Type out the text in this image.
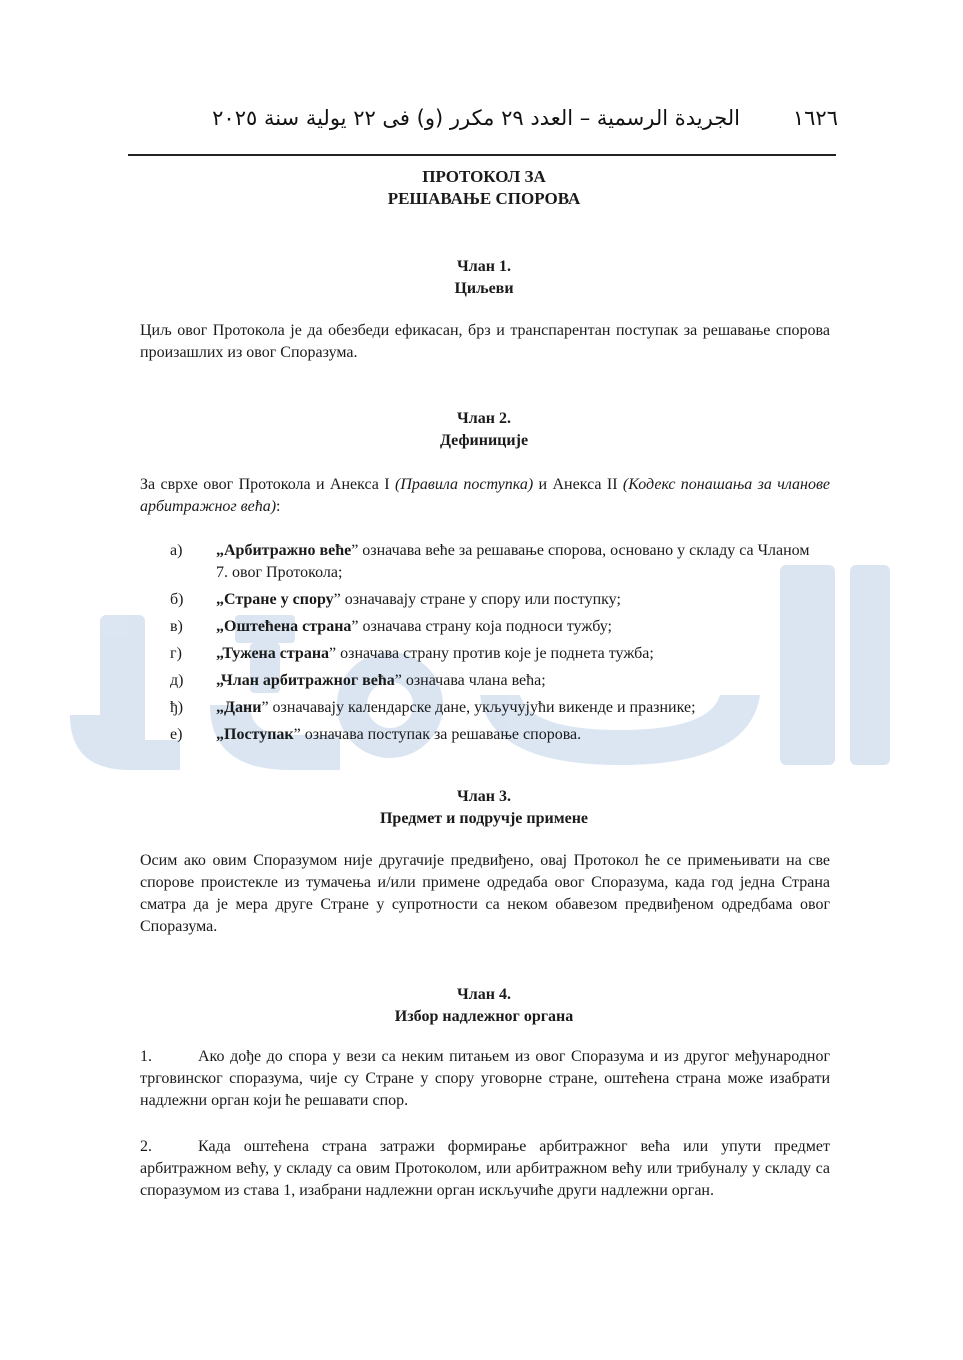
١٦٢٦
الجريدة الرسمية – العدد ٢٩ مكرر (و) فى ٢٢ يولية سنة ٢٠٢٥
ПРОТОКОЛ ЗА
РЕШАВАЊЕ СПОРОВА
Члан 1.
Циљеви
Циљ овог Протокола је да обезбеди ефикасан, брз и транспарентан поступак за решавање спорова произашлих из овог Споразума.
Члан 2.
Дефиниције
За сврхе овог Протокола и Анекса I (Правила поступка) и Анекса II (Кодекс понашања за чланове арбитражног већа):
а) „Арбитражно веће” означава веће за решавање спорова, основано у складу са Чланом 7. овог Протокола;
б) „Стране у спору” означавају стране у спору или поступку;
в) „Оштећена страна” означава страну која подноси тужбу;
г) „Тужена страна” означава страну против које је поднета тужба;
д) „Члан арбитражног већа” означава члана већа;
ђ) „Дани” означавају календарске дане, укључујући викенде и празнике;
е) „Поступак” означава поступак за решавање спорова.
Члан 3.
Предмет и подручје примене
Осим ако овим Споразумом није другачије предвиђено, овај Протокол ће се примењивати на све спорове проистекле из тумачења и/или примене одредаба овог Споразума, када год једна Страна сматра да је мера друге Стране у супротности са неком обавезом предвиђеном одредбама овог Споразума.
Члан 4.
Избор надлежног органа
1.	Ако дође до спора у вези са неким питањем из овог Споразума и из другог међународног трговинског споразума, чије су Стране у спору уговорне стране, оштећена страна може изабрати надлежни орган који ће решавати спор.
2.	Када оштећена страна затражи формирање арбитражног већа или упути предмет арбитражном већу, у складу са овим Протоколом, или арбитражном већу или трибуналу у складу са споразумом из става 1, изабрани надлежни орган искључиће други надлежни орган.
